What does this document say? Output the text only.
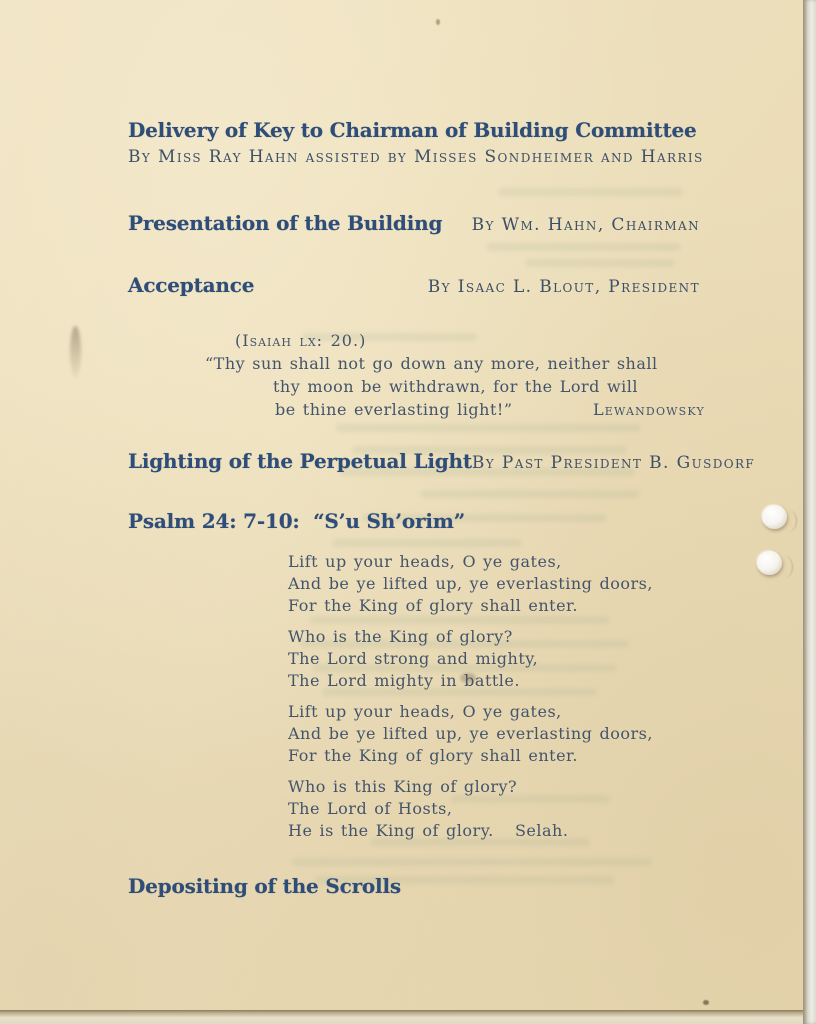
Delivery of Key to Chairman of Building Committee
By Miss Ray Hahn assisted by Misses Sondheimer and Harris
Presentation of the Building By Wm. Hahn, Chairman
Acceptance	By Isaac L. Blout, President
(Isaiah lx: 20.)
“Thy sun shall not go down any more, neither shall
thy moon be withdrawn, for the Lord will
be thine everlasting light!”	Lewandowsky
Lighting of the Perpetual Light By Past President B. Gusdorf
Psalm 24: 7-10:  “S’u Sh’orim”
Lift up your heads, O ye gates,
And be ye lifted up, ye everlasting doors,
For the King of glory shall enter.
Who is the King of glory?
The Lord strong and mighty,
The Lord mighty in battle.
Lift up your heads, O ye gates,
And be ye lifted up, ye everlasting doors,
For the King of glory shall enter.
Who is this King of glory?
The Lord of Hosts,
He is the King of glory.   Selah.
Depositing of the Scrolls
